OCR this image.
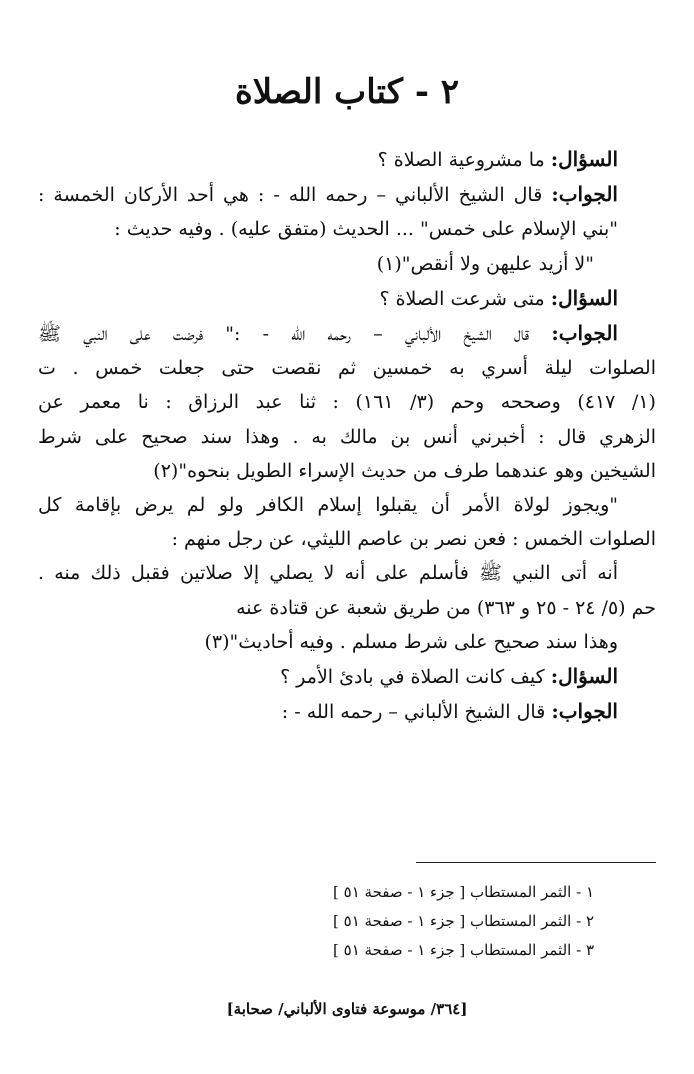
٢ - كتاب الصلاة
السؤال: ما مشروعية الصلاة ؟
الجواب: قال الشيخ الألباني – رحمه الله - : هي أحد الأركان الخمسة :
"بني الإسلام على خمس" ... الحديث (متفق عليه) . وفيه حديث :
"لا أزيد عليهن ولا أنقص"(١)
السؤال: متى شرعت الصلاة ؟
الجواب: قال الشيخ الألباني – رحمه الله - :" فرضت على النبي ﷺ
الصلوات ليلة أسري به خمسين ثم نقصت حتى جعلت خمس . ت
(١/ ٤١٧) وصححه وحم (٣/ ١٦١) : ثنا عبد الرزاق : نا معمر عن
الزهري قال : أخبرني أنس بن مالك به . وهذا سند صحيح على شرط
الشيخين وهو عندهما طرف من حديث الإسراء الطويل بنحوه"(٢)
"ويجوز لولاة الأمر أن يقبلوا إسلام الكافر ولو لم يرض بإقامة كل
الصلوات الخمس : فعن نصر بن عاصم الليثي، عن رجل منهم :
أنه أتى النبي ﷺ فأسلم على أنه لا يصلي إلا صلاتين فقبل ذلك منه .
حم (٥/ ٢٤ - ٢٥ و ٣٦٣) من طريق شعبة عن قتادة عنه
وهذا سند صحيح على شرط مسلم . وفيه أحاديث"(٣)
السؤال: كيف كانت الصلاة في بادئ الأمر ؟
الجواب: قال الشيخ الألباني – رحمه الله - :
١ - الثمر المستطاب [ جزء ١ - صفحة ٥١ ]
٢ - الثمر المستطاب [ جزء ١ - صفحة ٥١ ]
٣ - الثمر المستطاب [ جزء ١ - صفحة ٥١ ]
[٣٦٤/ موسوعة فتاوى الألباني/ صحابة]
